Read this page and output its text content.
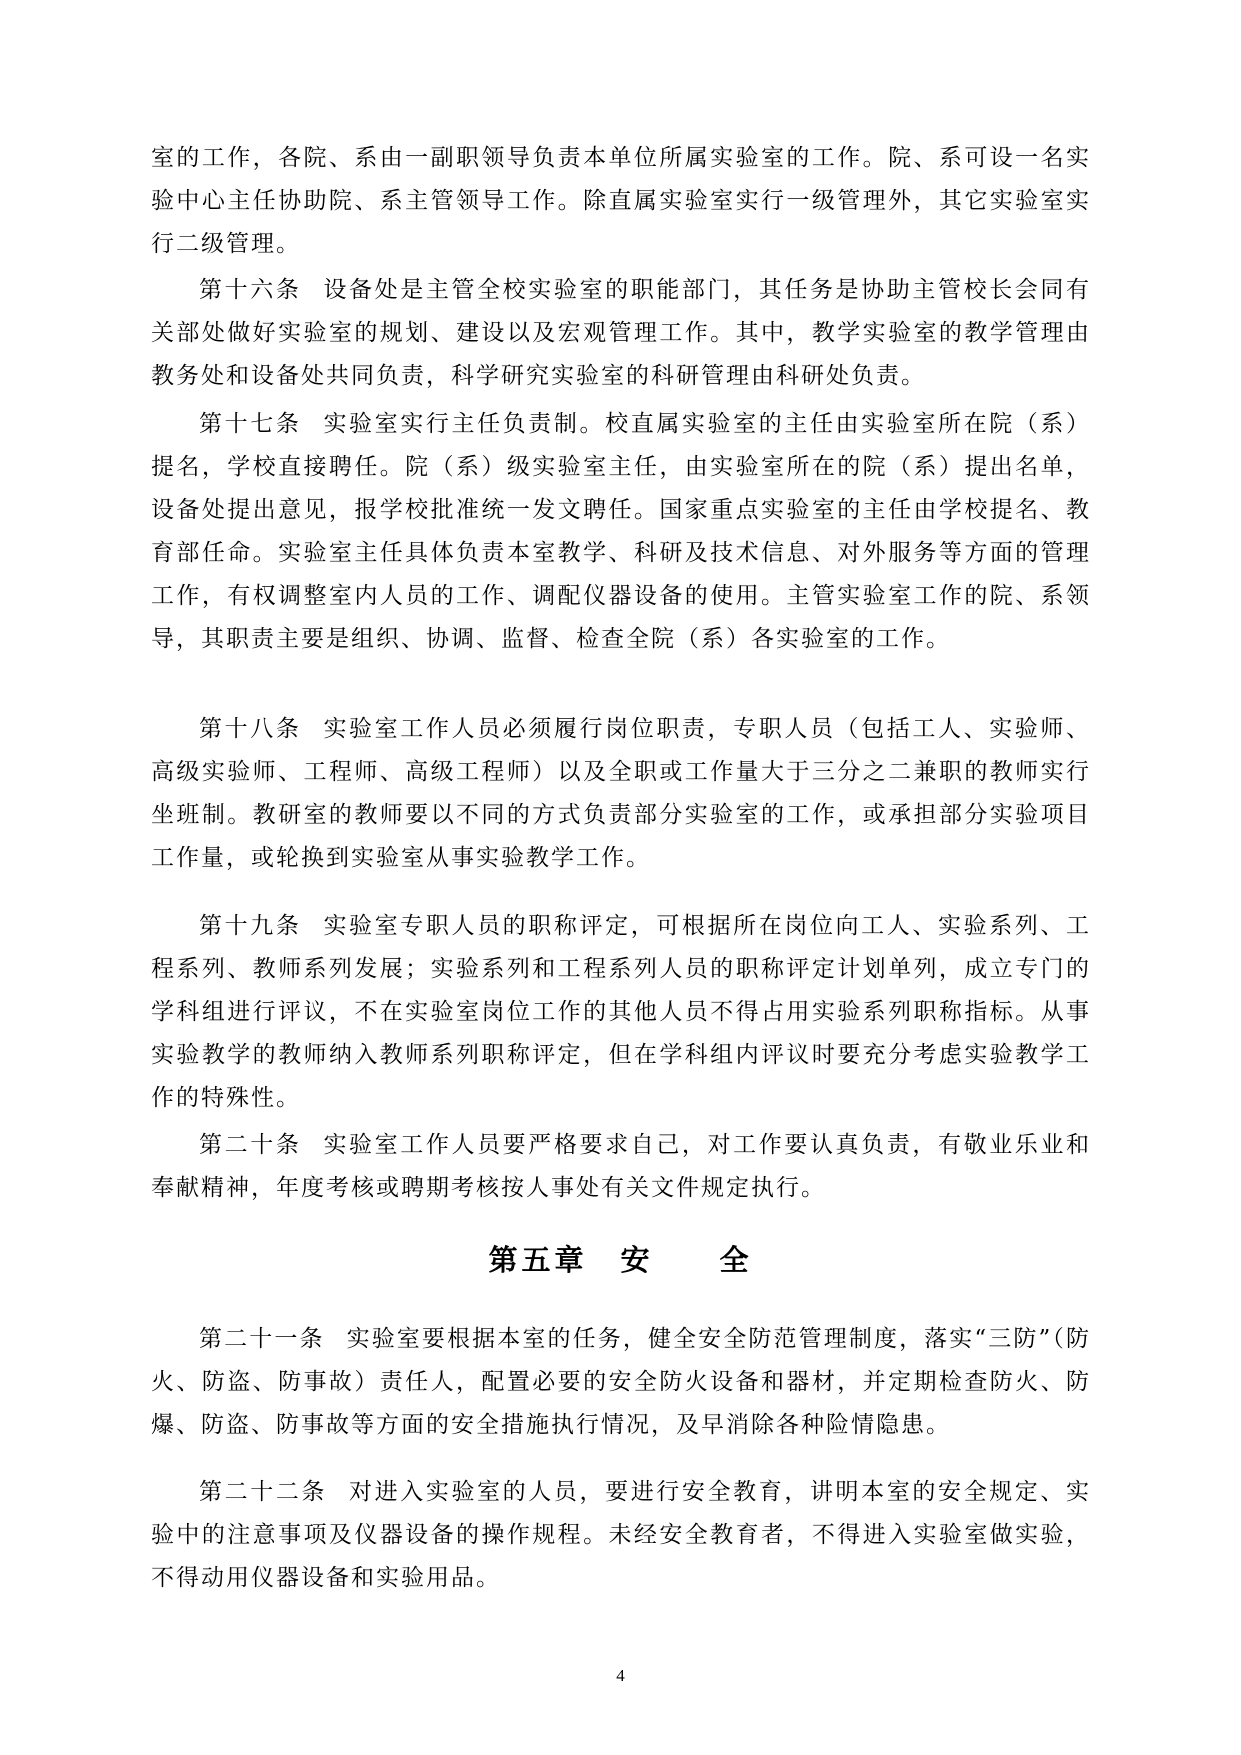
室的工作，各院、系由一副职领导负责本单位所属实验室的工作。院、系可设一名实验中心主任协助院、系主管领导工作。除直属实验室实行一级管理外，其它实验室实行二级管理。

第十六条 设备处是主管全校实验室的职能部门，其任务是协助主管校长会同有关部处做好实验室的规划、建设以及宏观管理工作。其中，教学实验室的教学管理由教务处和设备处共同负责，科学研究实验室的科研管理由科研处负责。

第十七条 实验室实行主任负责制。校直属实验室的主任由实验室所在院（系）提名，学校直接聘任。院（系）级实验室主任，由实验室所在的院（系）提出名单，设备处提出意见，报学校批准统一发文聘任。国家重点实验室的主任由学校提名、教育部任命。实验室主任具体负责本室教学、科研及技术信息、对外服务等方面的管理工作，有权调整室内人员的工作、调配仪器设备的使用。主管实验室工作的院、系领导，其职责主要是组织、协调、监督、检查全院（系）各实验室的工作。

第十八条 实验室工作人员必须履行岗位职责，专职人员（包括工人、实验师、高级实验师、工程师、高级工程师）以及全职或工作量大于三分之二兼职的教师实行坐班制。教研室的教师要以不同的方式负责部分实验室的工作，或承担部分实验项目工作量，或轮换到实验室从事实验教学工作。

第十九条 实验室专职人员的职称评定，可根据所在岗位向工人、实验系列、工程系列、教师系列发展；实验系列和工程系列人员的职称评定计划单列，成立专门的学科组进行评议，不在实验室岗位工作的其他人员不得占用实验系列职称指标。从事实验教学的教师纳入教师系列职称评定，但在学科组内评议时要充分考虑实验教学工作的特殊性。

第二十条 实验室工作人员要严格要求自己，对工作要认真负责，有敬业乐业和奉献精神，年度考核或聘期考核按人事处有关文件规定执行。

第五章　安　　全

第二十一条 实验室要根据本室的任务，健全安全防范管理制度，落实“三防”（防火、防盗、防事故）责任人，配置必要的安全防火设备和器材，并定期检查防火、防爆、防盗、防事故等方面的安全措施执行情况，及早消除各种险情隐患。

第二十二条 对进入实验室的人员，要进行安全教育，讲明本室的安全规定、实验中的注意事项及仪器设备的操作规程。未经安全教育者，不得进入实验室做实验，不得动用仪器设备和实验用品。

4
